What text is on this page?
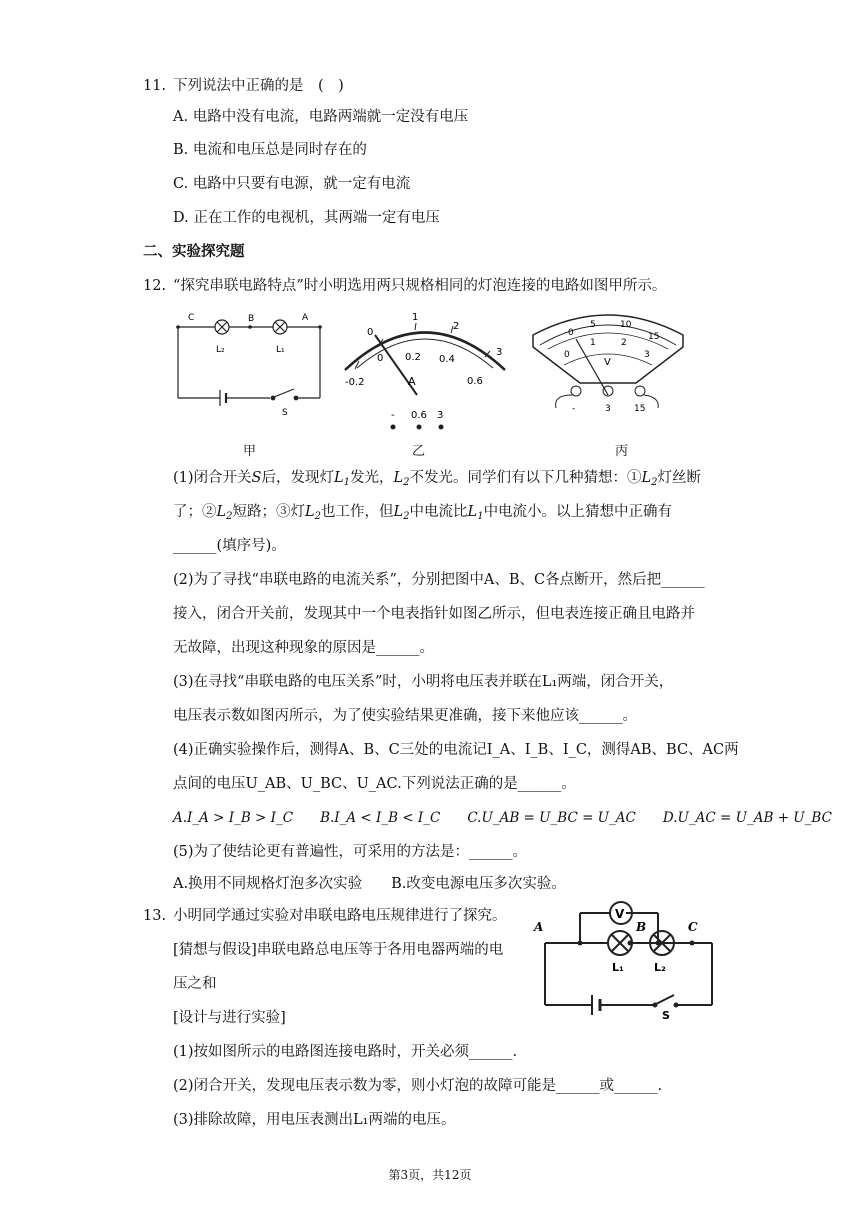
11. 下列说法中正确的是　(　)
A. 电路中没有电流，电路两端就一定没有电压
B. 电流和电压总是同时存在的
C. 电路中只要有电源，就一定有电流
D. 正在工作的电视机，其两端一定有电压
二、实验探究题
12. “探究串联电路特点”时小明选用两只规格相同的灯泡连接的电路如图甲所示。
C	B	A
L₂	L₁
S
0
1
2
3
-0.2
0 0.2 0.4
0.6
A
- 0.6 3
0
5	10
15
0
1	2
3
V
-	3	15
甲	乙	丙
(1)闭合开关S后，发现灯$L_1$发光，$L_2$不发光。同学们有以下几种猜想：$①L_2$灯丝断
了；$②L_2$短路；③灯$L_2$也工作，但$L_2$中电流比$L_1$中电流小。以上猜想中正确有
______(填序号)。
(2)为了寻找“串联电路的电流关系”，分别把图中A、B、C各点断开，然后把______
接入，闭合开关前，发现其中一个电表指针如图乙所示，但电表连接正确且电路并
无故障，出现这种现象的原因是______。
(3)在寻找“串联电路的电压关系”时，小明将电压表并联在L₁两端，闭合开关，
电压表示数如图丙所示，为了使实验结果更准确，接下来他应该______。
(4)正确实验操作后，测得A、B、C三处的电流记I_A、I_B、I_C，测得AB、BC、AC两
点间的电压U_AB、U_BC、U_AC.下列说法正确的是______。
A.I_A > I_B > I_C　　B.I_A < I_B < I_C　　C.U_AB = U_BC = U_AC　　D.U_AC = U_AB + U_BC
(5)为了使结论更有普遍性，可采用的方法是：______。
A.换用不同规格灯泡多次实验　　B.改变电源电压多次实验。
13. 小明同学通过实验对串联电路电压规律进行了探究。
[猜想与假设]串联电路总电压等于各用电器两端的电
压之和
[设计与进行实验]
(1)按如图所示的电路图连接电路时，开关必须______.
(2)闭合开关，发现电压表示数为零，则小灯泡的故障可能是______或______.
(3)排除故障，用电压表测出L₁两端的电压。
V
A	B	C
L₁	L₂
S
第3页，共12页
